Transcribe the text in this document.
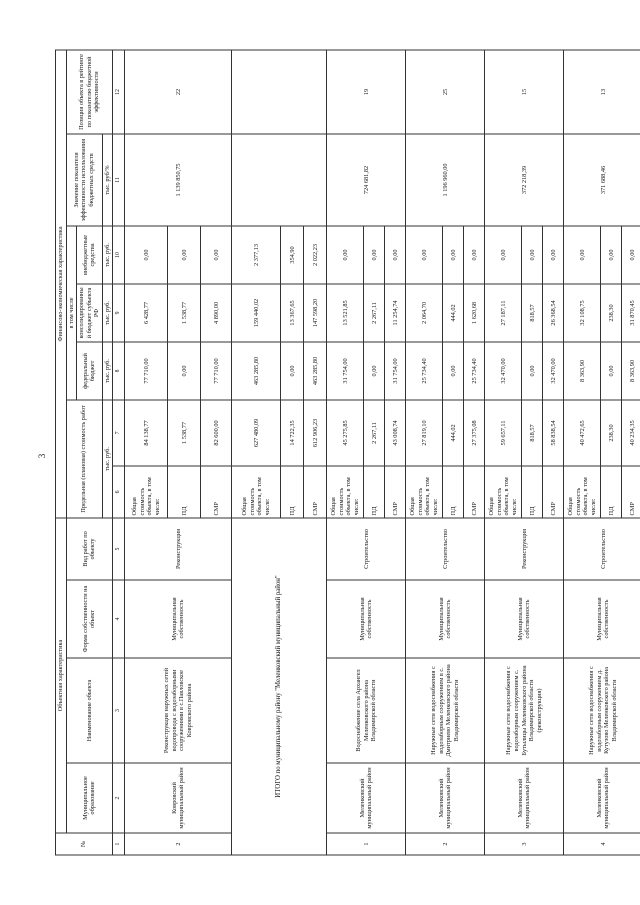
3
№	Объектная характеристика				Финансово-экономическая характеристика						
	Муниципальное образование	Наименование объекта	Форма собственности на объект	Вид работ по объекту	Предельная (плановая) стоимость работ		в том числе			Значение показателя эффективности использования бюджетных средств	Позиция объекта в рейтинге по показателю бюджетной эффективности
							федеральный бюджет	консолидированный бюджет субъекта РФ	внебюджетные средства		
					тыс. руб.		тыс. руб.	тыс. руб.	тыс. руб.	тыс. руб/%	
1	2	3	4	5	6	7	8	9	10	11	12
2	Ковровский муниципальный район	Реконструкция наружных сетей водопровода с водозаборными сооружениями в с.Павловское Ковровского района	Муниципальная собственность	Реконструкция	Общая стоимость объекта, в том числе:	84 138,77	77 710,00	6 428,77	0,00	1 139 850,75	22
					ПД	1 538,77	0,00	1 538,77	0,00		
					СМР	82 600,00	77 710,00	4 890,00	0,00		
ИТОГО по муниципальному району "Меленковский муниципальный район"					Общая стоимость объекта, в том числе:	627 480,09	463 285,80	159 440,02	2 377,13		
					ПД	14 722,35	0,00	13 367,65	354,90		
					СМР	612 906,23	463 285,80	147 598,20	2 022,23		
1	Меленковский муниципальный район	Водоснабжение села Архангел Меленковского района Владимирской области	Муниципальная собственность	Строительство	Общая стоимость объекта, в том числе:	45 275,85	31 754,00	13 521,85	0,00	724 681,82	19
					ПД	2 267,11	0,00	2 267,11	0,00		
					СМР	43 008,74	31 754,00	11 254,74	0,00		
2	Меленковский муниципальный район	Наружные сети водоснабжения с водозаборным сооружением в с. Дмитриево Меленковского района Владимирской области	Муниципальная собственность	Строительство	Общая стоимость объекта, в том числе:	27 819,10	25 734,40	2 064,70	0,00	1 196 960,00	25
					ПД	444,02	0,00	444,02	0,00		
					СМР	27 375,08	25 734,40	1 620,68	0,00		
3	Меленковский муниципальный район	Наружные сети водоснабжения с водозаборным сооружением с. Бутылицы Меленковского района Владимирской области (реконструкция)	Муниципальная собственность	Реконструкция	Общая стоимость объекта, в том числе:	59 657,11	32 470,00	27 187,11	0,00	372 218,39	15
					ПД	818,57	0,00	818,57	0,00		
					СМР	58 838,54	32 470,00	26 368,54	0,00		
4	Меленковский муниципальный район	Наружные сети водоснабжения с водозаборным сооружением д. Кутузово Меленковского района Владимирской области	Муниципальная собственность	Строительство	Общая стоимость объекта, в том числе:	40 472,65	8 363,90	32 108,75	0,00	371 688,46	13
					ПД	238,30	0,00	238,30	0,00		
					СМР	40 234,35	8 363,90	31 870,45	0,00		
